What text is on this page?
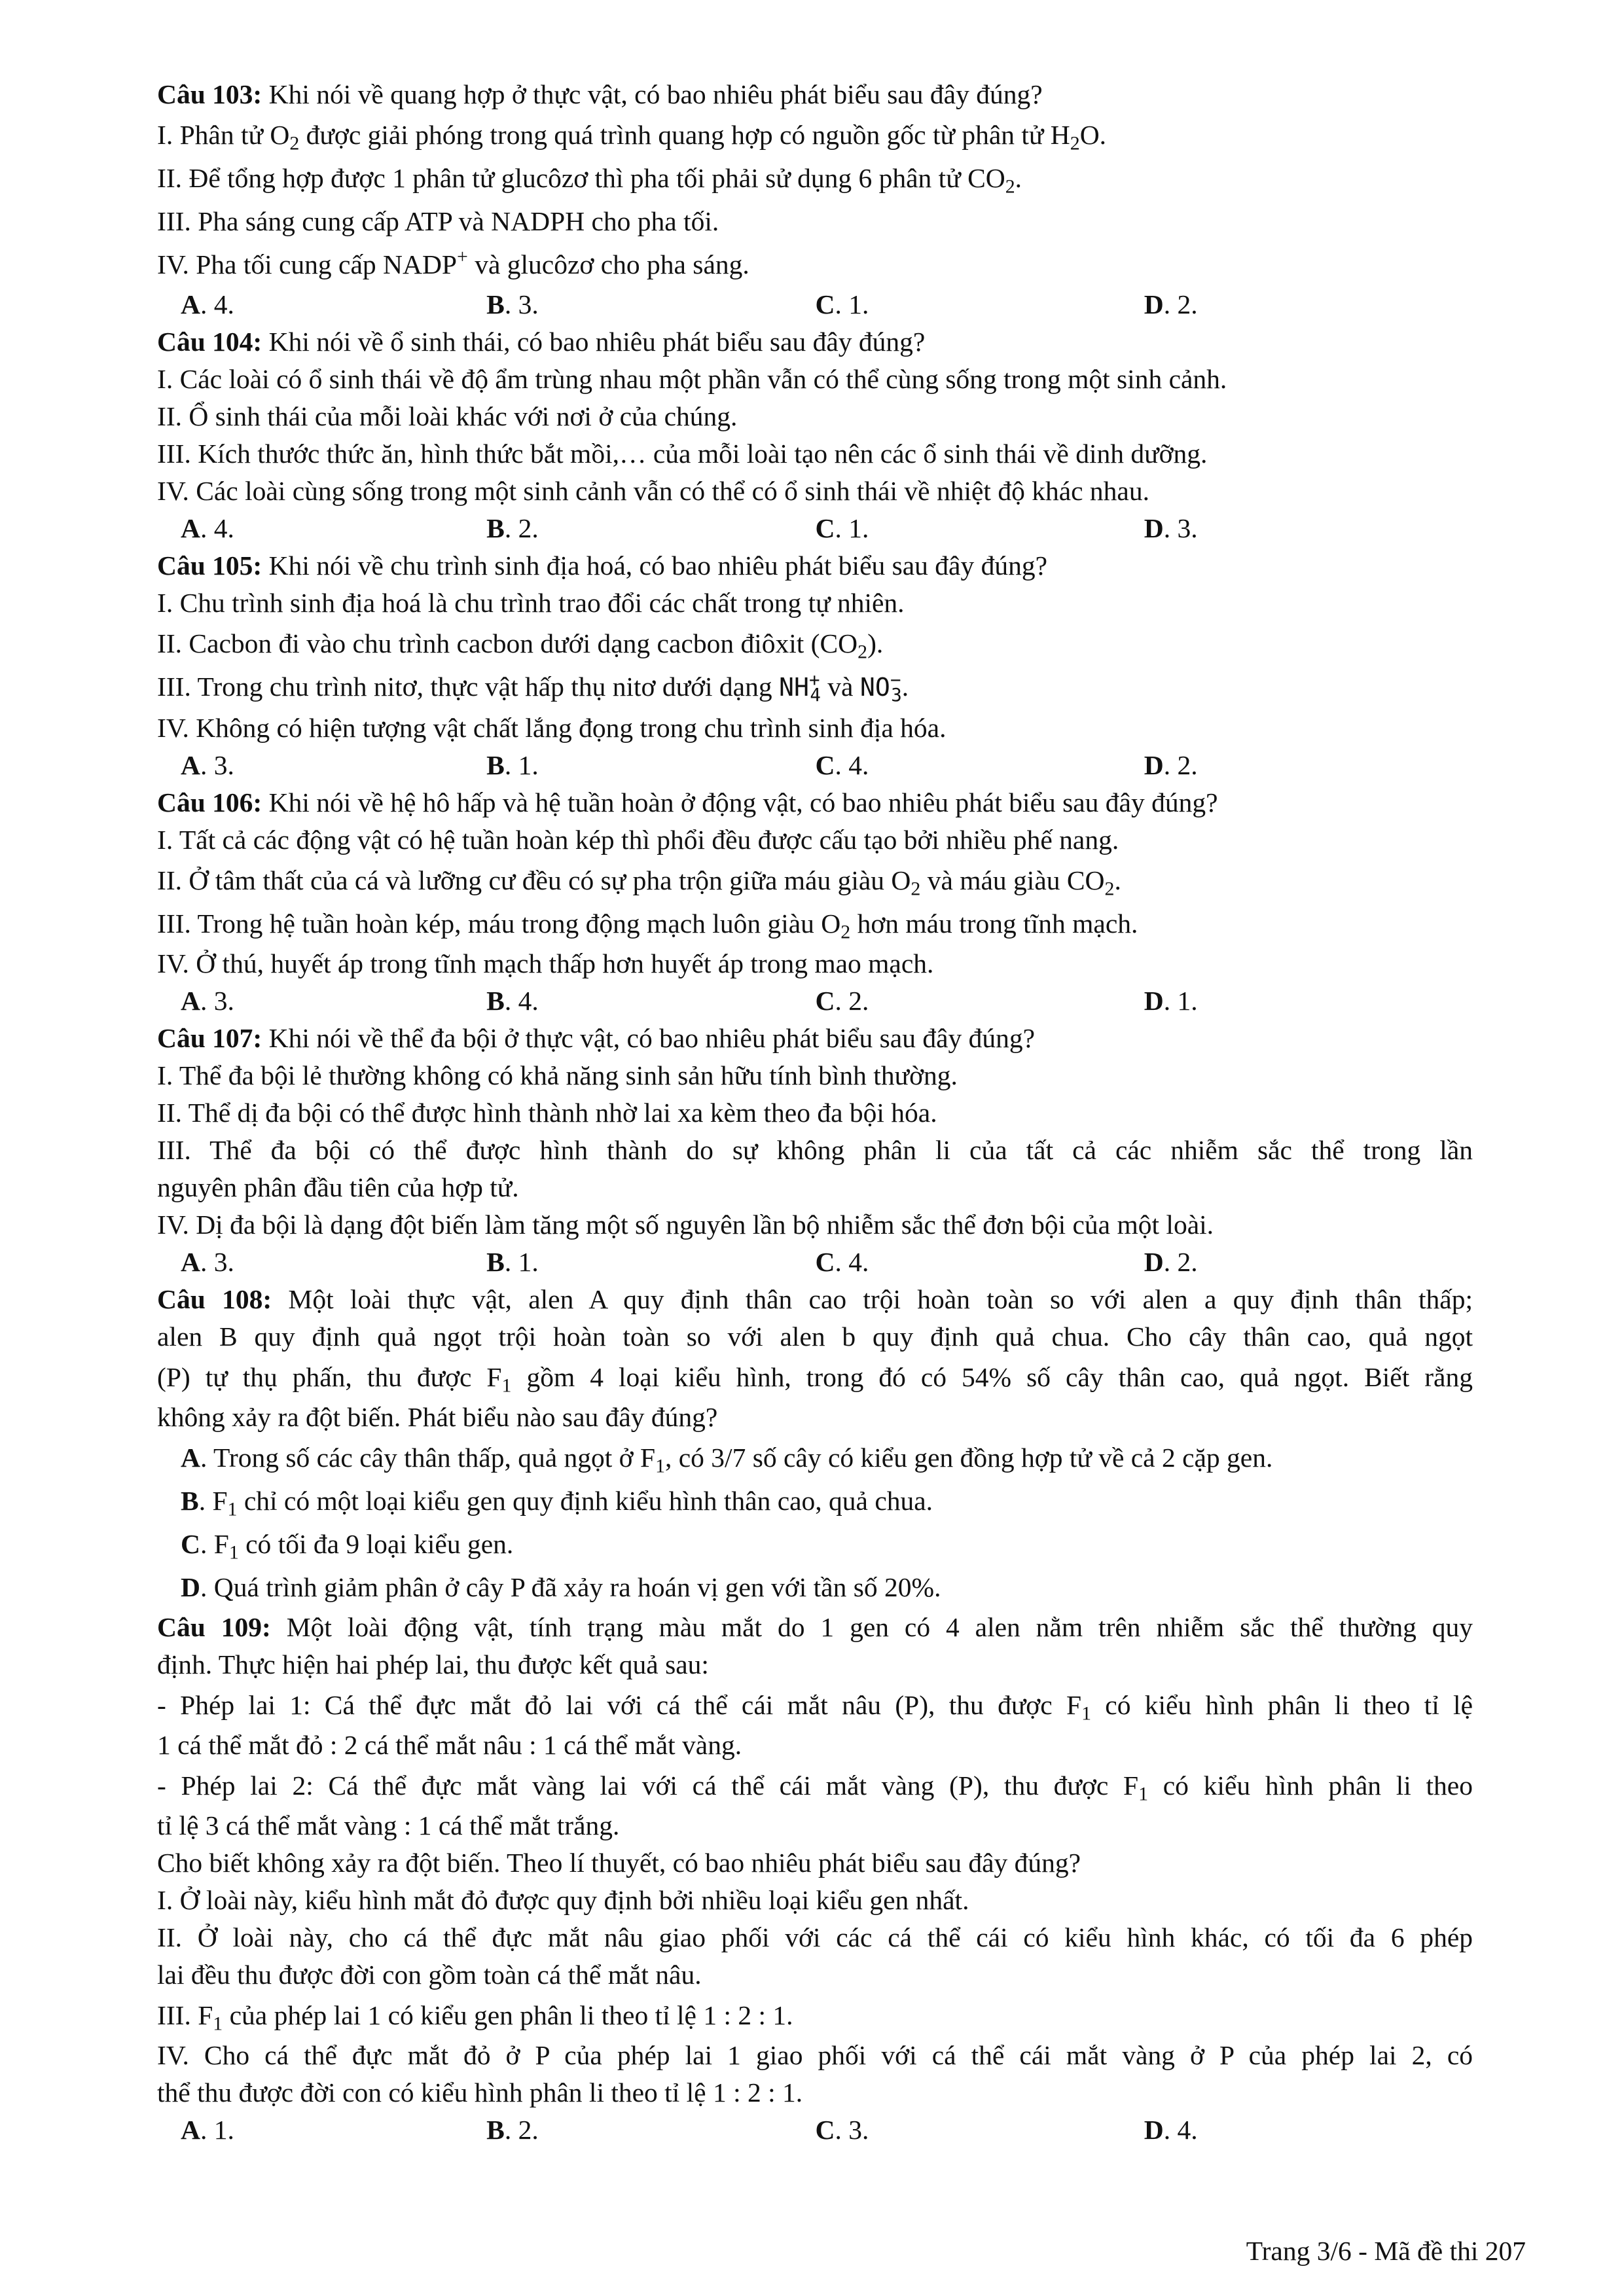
Câu 103: Khi nói về quang hợp ở thực vật, có bao nhiêu phát biểu sau đây đúng?
I. Phân tử $O_2$ được giải phóng trong quá trình quang hợp có nguồn gốc từ phân tử $H_2O$.
II. Để tổng hợp được 1 phân tử glucôzơ thì pha tối phải sử dụng 6 phân tử $CO_2$.
III. Pha sáng cung cấp ATP và NADPH cho pha tối.
IV. Pha tối cung cấp NADP+ và glucôzơ cho pha sáng.
A. 4.	B. 3.	C. 1.	D. 2.
Câu 104: Khi nói về ổ sinh thái, có bao nhiêu phát biểu sau đây đúng?
I. Các loài có ổ sinh thái về độ ẩm trùng nhau một phần vẫn có thể cùng sống trong một sinh cảnh.
II. Ổ sinh thái của mỗi loài khác với nơi ở của chúng.
III. Kích thước thức ăn, hình thức bắt mồi,… của mỗi loài tạo nên các ổ sinh thái về dinh dưỡng.
IV. Các loài cùng sống trong một sinh cảnh vẫn có thể có ổ sinh thái về nhiệt độ khác nhau.
A. 4.	B. 2.	C. 1.	D. 3.
Câu 105: Khi nói về chu trình sinh địa hoá, có bao nhiêu phát biểu sau đây đúng?
I. Chu trình sinh địa hoá là chu trình trao đổi các chất trong tự nhiên.
II. Cacbon đi vào chu trình cacbon dưới dạng cacbon điôxit $(CO_2)$.
III. Trong chu trình nitơ, thực vật hấp thụ nitơ dưới dạng $NH^+_4$ và $NO^-_3$.
IV. Không có hiện tượng vật chất lắng đọng trong chu trình sinh địa hóa.
A. 3.	B. 1.	C. 4.	D. 2.
Câu 106: Khi nói về hệ hô hấp và hệ tuần hoàn ở động vật, có bao nhiêu phát biểu sau đây đúng?
I. Tất cả các động vật có hệ tuần hoàn kép thì phổi đều được cấu tạo bởi nhiều phế nang.
II. Ở tâm thất của cá và lưỡng cư đều có sự pha trộn giữa máu giàu $O_2$ và máu giàu $CO_2$.
III. Trong hệ tuần hoàn kép, máu trong động mạch luôn giàu $O_2$ hơn máu trong tĩnh mạch.
IV. Ở thú, huyết áp trong tĩnh mạch thấp hơn huyết áp trong mao mạch.
A. 3.	B. 4.	C. 2.	D. 1.
Câu 107: Khi nói về thể đa bội ở thực vật, có bao nhiêu phát biểu sau đây đúng?
I. Thể đa bội lẻ thường không có khả năng sinh sản hữu tính bình thường.
II. Thể dị đa bội có thể được hình thành nhờ lai xa kèm theo đa bội hóa.
III. Thể đa bội có thể được hình thành do sự không phân li của tất cả các nhiễm sắc thể trong lần
nguyên phân đầu tiên của hợp tử.
IV. Dị đa bội là dạng đột biến làm tăng một số nguyên lần bộ nhiễm sắc thể đơn bội của một loài.
A. 3.	B. 1.	C. 4.	D. 2.
Câu 108: Một loài thực vật, alen A quy định thân cao trội hoàn toàn so với alen a quy định thân thấp;
alen B quy định quả ngọt trội hoàn toàn so với alen b quy định quả chua. Cho cây thân cao, quả ngọt
(P) tự thụ phấn, thu được $F_1$ gồm 4 loại kiểu hình, trong đó có 54% số cây thân cao, quả ngọt. Biết rằng
không xảy ra đột biến. Phát biểu nào sau đây đúng?
A. Trong số các cây thân thấp, quả ngọt ở $F_1$, có 3/7 số cây có kiểu gen đồng hợp tử về cả 2 cặp gen.
B. $F_1$ chỉ có một loại kiểu gen quy định kiểu hình thân cao, quả chua.
C. $F_1$ có tối đa 9 loại kiểu gen.
D. Quá trình giảm phân ở cây P đã xảy ra hoán vị gen với tần số 20%.
Câu 109: Một loài động vật, tính trạng màu mắt do 1 gen có 4 alen nằm trên nhiễm sắc thể thường quy
định. Thực hiện hai phép lai, thu được kết quả sau:
- Phép lai 1: Cá thể đực mắt đỏ lai với cá thể cái mắt nâu (P), thu được $F_1$ có kiểu hình phân li theo tỉ lệ
1 cá thể mắt đỏ : 2 cá thể mắt nâu : 1 cá thể mắt vàng.
- Phép lai 2: Cá thể đực mắt vàng lai với cá thể cái mắt vàng (P), thu được $F_1$ có kiểu hình phân li theo
tỉ lệ 3 cá thể mắt vàng : 1 cá thể mắt trắng.
Cho biết không xảy ra đột biến. Theo lí thuyết, có bao nhiêu phát biểu sau đây đúng?
I. Ở loài này, kiểu hình mắt đỏ được quy định bởi nhiều loại kiểu gen nhất.
II. Ở loài này, cho cá thể đực mắt nâu giao phối với các cá thể cái có kiểu hình khác, có tối đa 6 phép
lai đều thu được đời con gồm toàn cá thể mắt nâu.
III. $F_1$ của phép lai 1 có kiểu gen phân li theo tỉ lệ 1 : 2 : 1.
IV. Cho cá thể đực mắt đỏ ở P của phép lai 1 giao phối với cá thể cái mắt vàng ở P của phép lai 2, có
thể thu được đời con có kiểu hình phân li theo tỉ lệ 1 : 2 : 1.
A. 1.	B. 2.	C. 3.	D. 4.
Trang 3/6 - Mã đề thi 207
